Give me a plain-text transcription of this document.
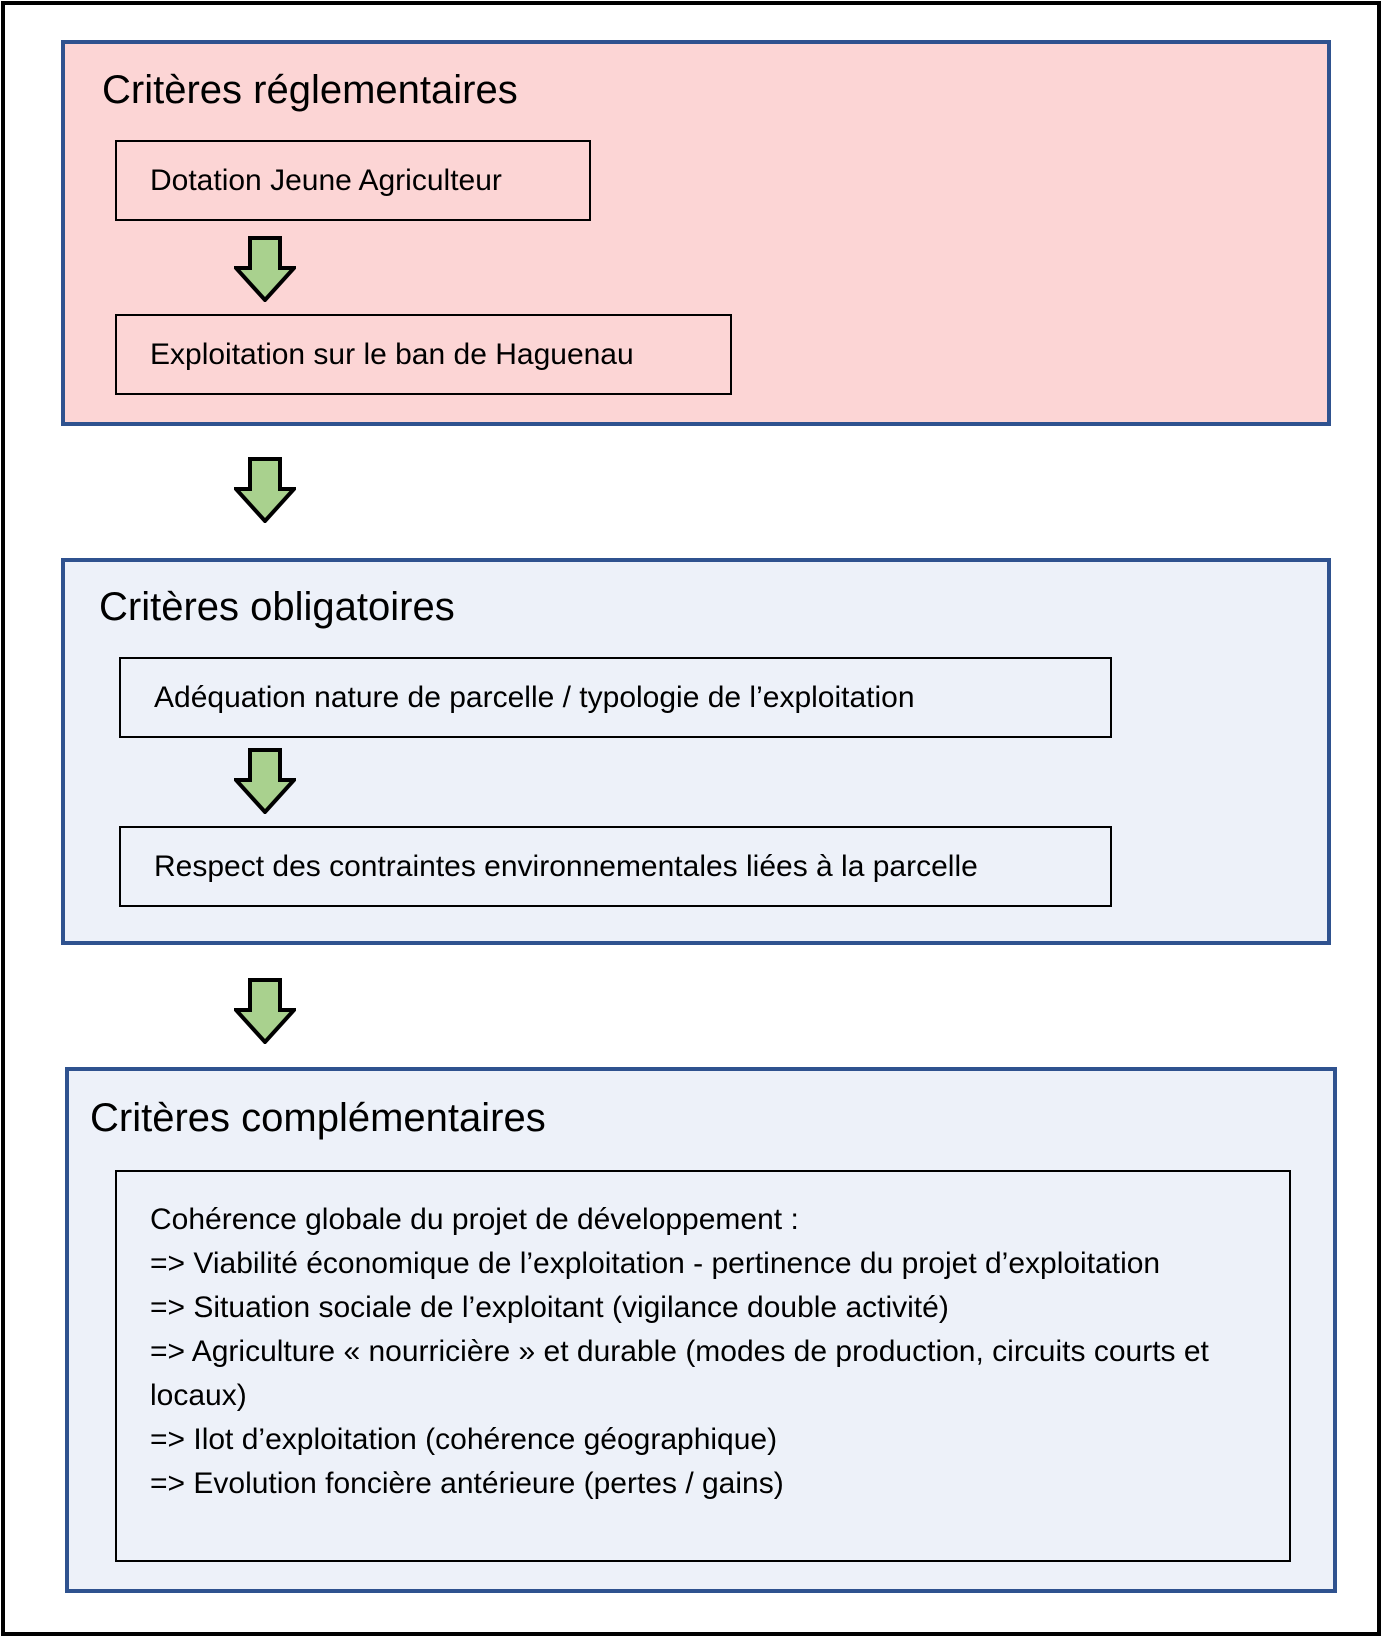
Critères réglementaires
Dotation Jeune Agriculteur
Exploitation sur le ban de Haguenau
Critères obligatoires
Adéquation nature de parcelle / typologie de l’exploitation
Respect des contraintes environnementales liées à la parcelle
Critères complémentaires
Cohérence globale du projet de développement :
=> Viabilité économique de l’exploitation - pertinence du projet d’exploitation
=> Situation sociale de l’exploitant (vigilance double activité)
=> Agriculture « nourricière » et durable (modes de production, circuits courts et locaux)
=> Ilot d’exploitation (cohérence géographique)
=> Evolution foncière antérieure (pertes / gains)
